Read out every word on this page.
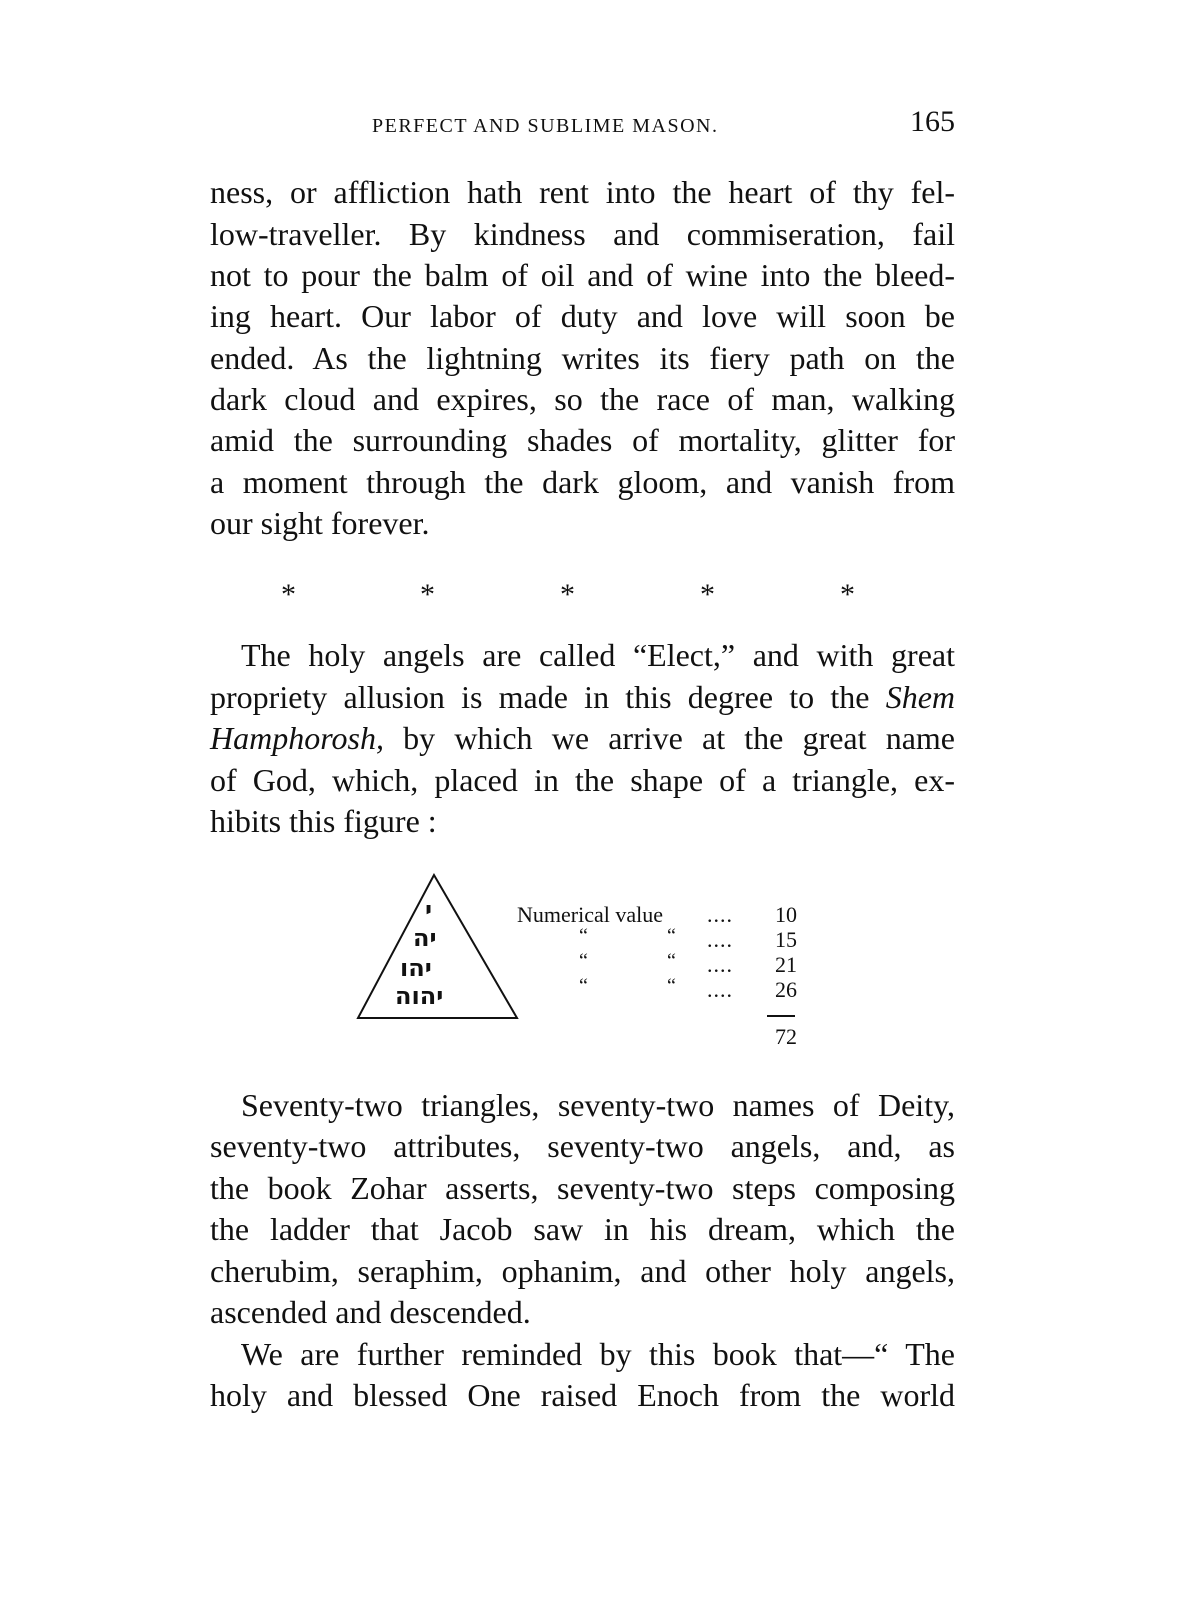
PERFECT AND SUBLIME MASON.	165
ness, or affliction hath rent into the heart of thy fel-
low-traveller. By kindness and commiseration, fail
not to pour the balm of oil and of wine into the bleed-
ing heart. Our labor of duty and love will soon be
ended. As the lightning writes its fiery path on the
dark cloud and expires, so the race of man, walking
amid the surrounding shades of mortality, glitter for
a moment through the dark gloom, and vanish from
our sight forever.
*	*	*	*	*
The holy angels are called “Elect,” and with great
propriety allusion is made in this degree to the Shem
Hamphorosh, by which we arrive at the great name
of God, which, placed in the shape of a triangle, ex-
hibits this figure :
י
יה
יהו
יהוה
Numerical value ....	10
“	“ ....	15
“	“ ....	21
“	“ ....	26
72
Seventy-two triangles, seventy-two names of Deity,
seventy-two attributes, seventy-two angels, and, as
the book Zohar asserts, seventy-two steps composing
the ladder that Jacob saw in his dream, which the
cherubim, seraphim, ophanim, and other holy angels,
ascended and descended.
We are further reminded by this book that—“ The
holy and blessed One raised Enoch from the world
